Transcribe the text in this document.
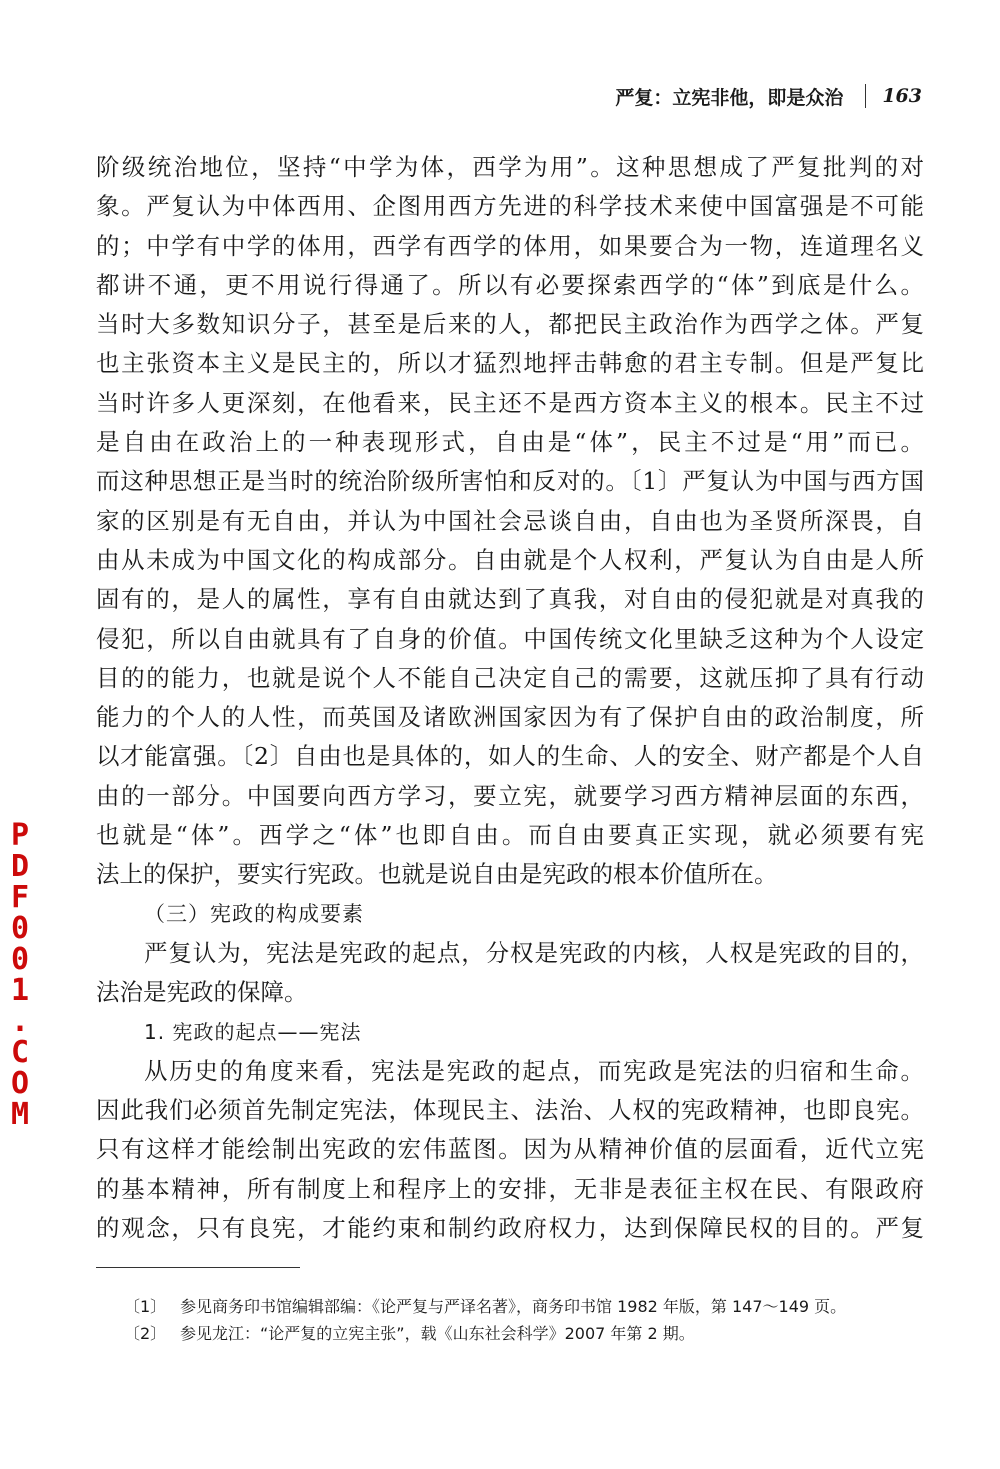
严复：立宪非他，即是众治 163
阶级统治地位，坚持“中学为体，西学为用”。这种思想成了严复批判的对
象。严复认为中体西用、企图用西方先进的科学技术来使中国富强是不可能
的；中学有中学的体用，西学有西学的体用，如果要合为一物，连道理名义
都讲不通，更不用说行得通了。所以有必要探索西学的“体”到底是什么。
当时大多数知识分子，甚至是后来的人，都把民主政治作为西学之体。严复
也主张资本主义是民主的，所以才猛烈地抨击韩愈的君主专制。但是严复比
当时许多人更深刻，在他看来，民主还不是西方资本主义的根本。民主不过
是自由在政治上的一种表现形式，自由是“体”，民主不过是“用”而已。
而这种思想正是当时的统治阶级所害怕和反对的。〔1〕严复认为中国与西方国
家的区别是有无自由，并认为中国社会忌谈自由，自由也为圣贤所深畏，自
由从未成为中国文化的构成部分。自由就是个人权利，严复认为自由是人所
固有的，是人的属性，享有自由就达到了真我，对自由的侵犯就是对真我的
侵犯，所以自由就具有了自身的价值。中国传统文化里缺乏这种为个人设定
目的的能力，也就是说个人不能自己决定自己的需要，这就压抑了具有行动
能力的个人的人性，而英国及诸欧洲国家因为有了保护自由的政治制度，所
以才能富强。〔2〕自由也是具体的，如人的生命、人的安全、财产都是个人自
由的一部分。中国要向西方学习，要立宪，就要学习西方精神层面的东西，
也就是“体”。西学之“体”也即自由。而自由要真正实现，就必须要有宪
法上的保护，要实行宪政。也就是说自由是宪政的根本价值所在。
（三）宪政的构成要素
严复认为，宪法是宪政的起点，分权是宪政的内核，人权是宪政的目的，
法治是宪政的保障。
1. 宪政的起点——宪法
从历史的角度来看，宪法是宪政的起点，而宪政是宪法的归宿和生命。
因此我们必须首先制定宪法，体现民主、法治、人权的宪政精神，也即良宪。
只有这样才能绘制出宪政的宏伟蓝图。因为从精神价值的层面看，近代立宪
的基本精神，所有制度上和程序上的安排，无非是表征主权在民、有限政府
的观念，只有良宪，才能约束和制约政府权力，达到保障民权的目的。严复
〔1〕 参见商务印书馆编辑部编：《论严复与严译名著》，商务印书馆 1982 年版，第 147～149 页。
〔2〕 参见龙江：“论严复的立宪主张”，载《山东社会科学》2007 年第 2 期。
P
D
F
0
0
1
.
C
O
M
